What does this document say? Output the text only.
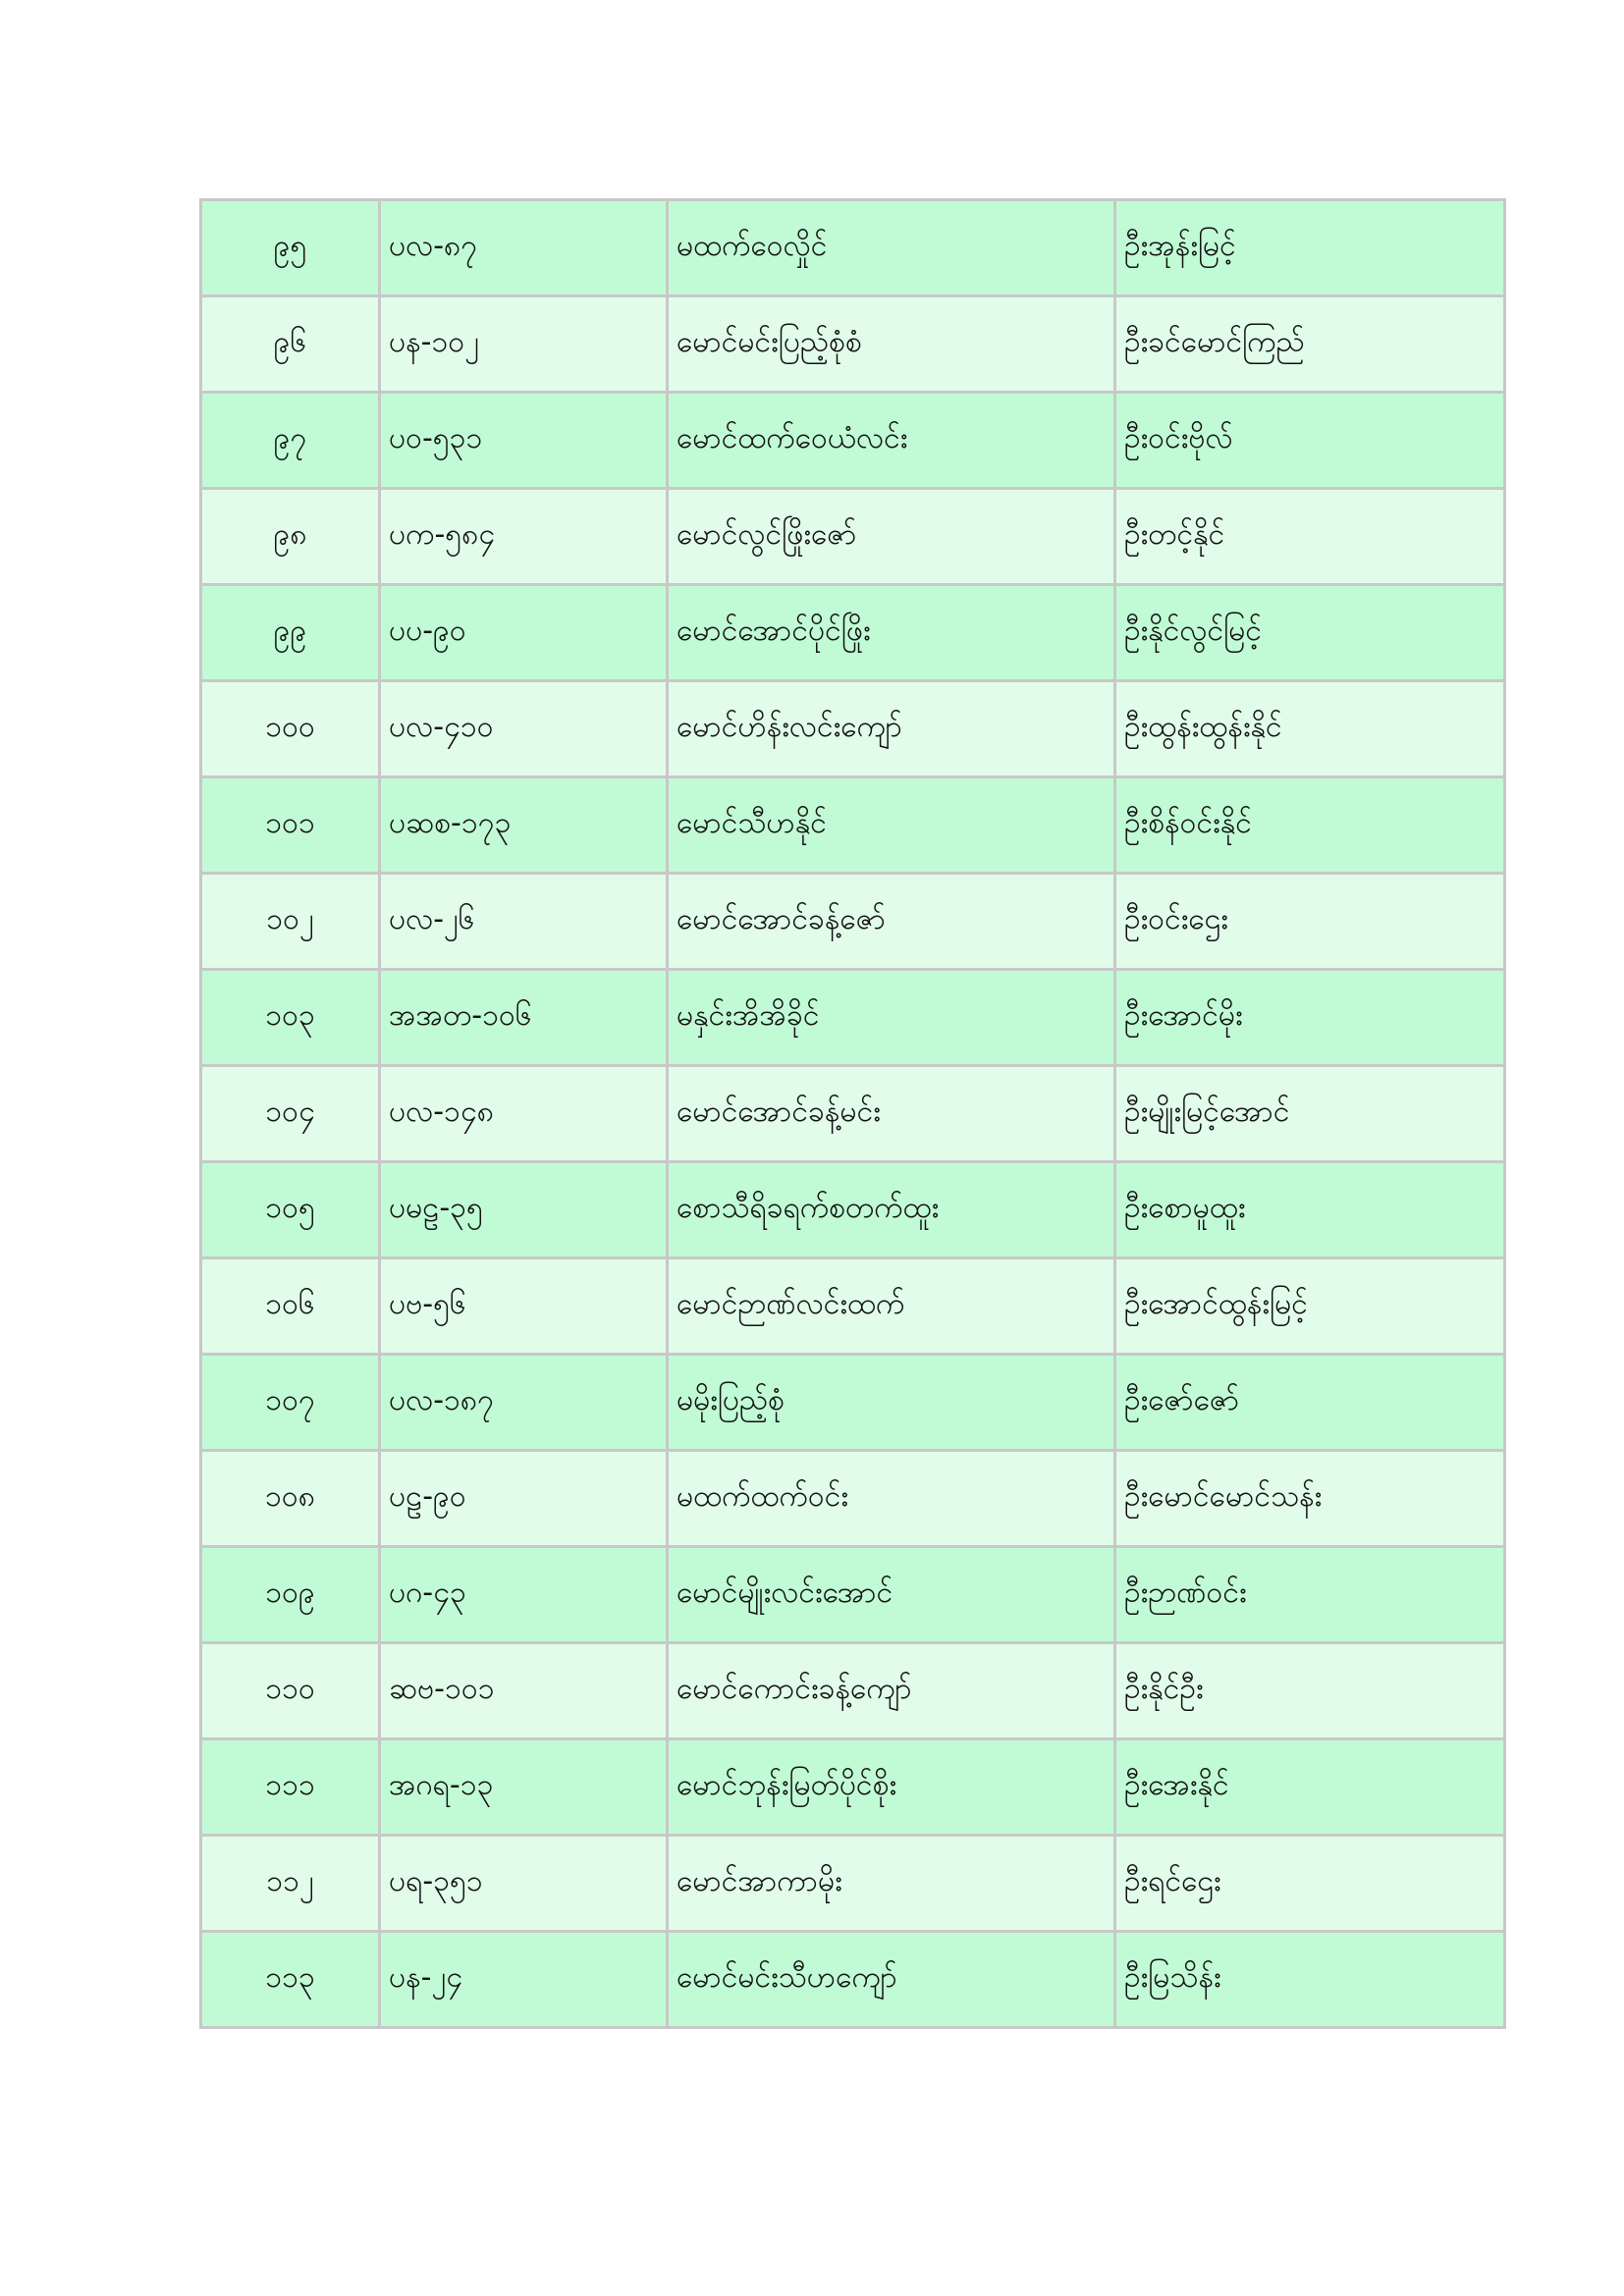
၉၅	ပလ-၈၇	မထက်ဝေလှိုင်	ဦးအုန်းမြင့်
၉၆	ပန-၁၀၂	မောင်မင်းပြည့်စုံစံ	ဦးခင်မောင်ကြည်
၉၇	ပဝ-၅၃၁	မောင်ထက်ဝေယံလင်း	ဦးဝင်းဗိုလ်
၉၈	ပက-၅၈၄	မောင်လွင်ဖြိုးဇော်	ဦးတင့်နိုင်
၉၉	ပပ-၉၀	မောင်အောင်ပိုင်ဖြိုး	ဦးနိုင်လွင်မြင့်
၁၀၀	ပလ-၄၁၀	မောင်ဟိန်းလင်းကျော်	ဦးထွန်းထွန်းနိုင်
၁၀၁	ပဆစ-၁၇၃	မောင်သီဟနိုင်	ဦးစိန်ဝင်းနိုင်
၁၀၂	ပလ-၂၆	မောင်အောင်ခန့်ဇော်	ဦးဝင်းဌေး
၁၀၃	အအတ-၁၀၆	မနှင်းအိအိခိုင်	ဦးအောင်မိုး
၁၀၄	ပလ-၁၄၈	မောင်အောင်ခန့်မင်း	ဦးမျိုးမြင့်အောင်
၁၀၅	ပမဠ-၃၅	စောသီရိခရက်စတက်ထူး	ဦးစောမူထူး
၁၀၆	ပဗ-၅၆	မောင်ဉာဏ်လင်းထက်	ဦးအောင်ထွန်းမြင့်
၁၀၇	ပလ-၁၈၇	မမိုးပြည့်စုံ	ဦးဇော်ဇော်
၁၀၈	ပဠ-၉၀	မထက်ထက်ဝင်း	ဦးမောင်မောင်သန်း
၁၀၉	ပဂ-၄၃	မောင်မျိုးလင်းအောင်	ဦးဉာဏ်ဝင်း
၁၁၀	ဆဗ-၁၀၁	မောင်ကောင်းခန့်ကျော်	ဦးနိုင်ဦး
၁၁၁	အဂရ-၁၃	မောင်ဘုန်းမြတ်ပိုင်စိုး	ဦးအေးနိုင်
၁၁၂	ပရ-၃၅၁	မောင်အာကာမိုး	ဦးရင်ဌေး
၁၁၃	ပန-၂၄	မောင်မင်းသီဟကျော်	ဦးမြသိန်း
